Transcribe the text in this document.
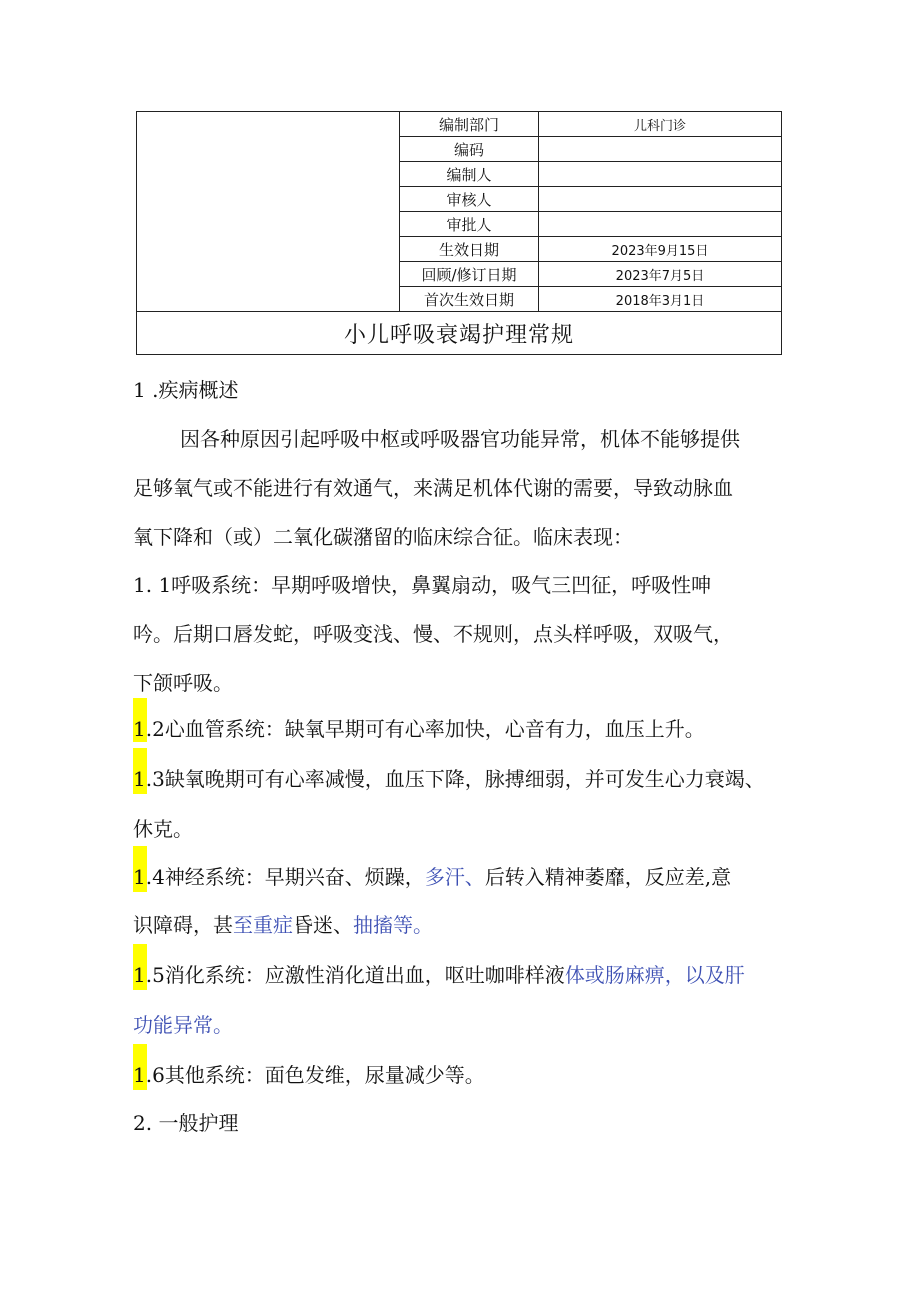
	编制部门	儿科门诊
	编码	
	编制人	
	审核人	
	审批人	
	生效日期	2023年9月15日
	回顾/修订日期	2023年7月5日
	首次生效日期	2018年3月1日
小儿呼吸衰竭护理常规		
1 .疾病概述
因各种原因引起呼吸中枢或呼吸器官功能异常，机体不能够提供
足够氧气或不能进行有效通气，来满足机体代谢的需要，导致动脉血
氧下降和（或）二氧化碳潴留的临床综合征。临床表现：
1. 1呼吸系统：早期呼吸增快，鼻翼扇动，吸气三凹征，呼吸性呻
吟。后期口唇发蛇，呼吸变浅、慢、不规则，点头样呼吸，双吸气，
下颌呼吸。
1.2心血管系统：缺氧早期可有心率加快，心音有力，血压上升。
1.3缺氧晚期可有心率减慢，血压下降，脉搏细弱，并可发生心力衰竭、
休克。
1.4神经系统：早期兴奋、烦躁，多汗、后转入精神萎靡，反应差,意
识障碍，甚至重症昏迷、抽搐等。
1.5消化系统：应激性消化道出血，呕吐咖啡样液体或肠麻痹，以及肝
功能异常。
1.6其他系统：面色发维，尿量减少等。
2. 一般护理
